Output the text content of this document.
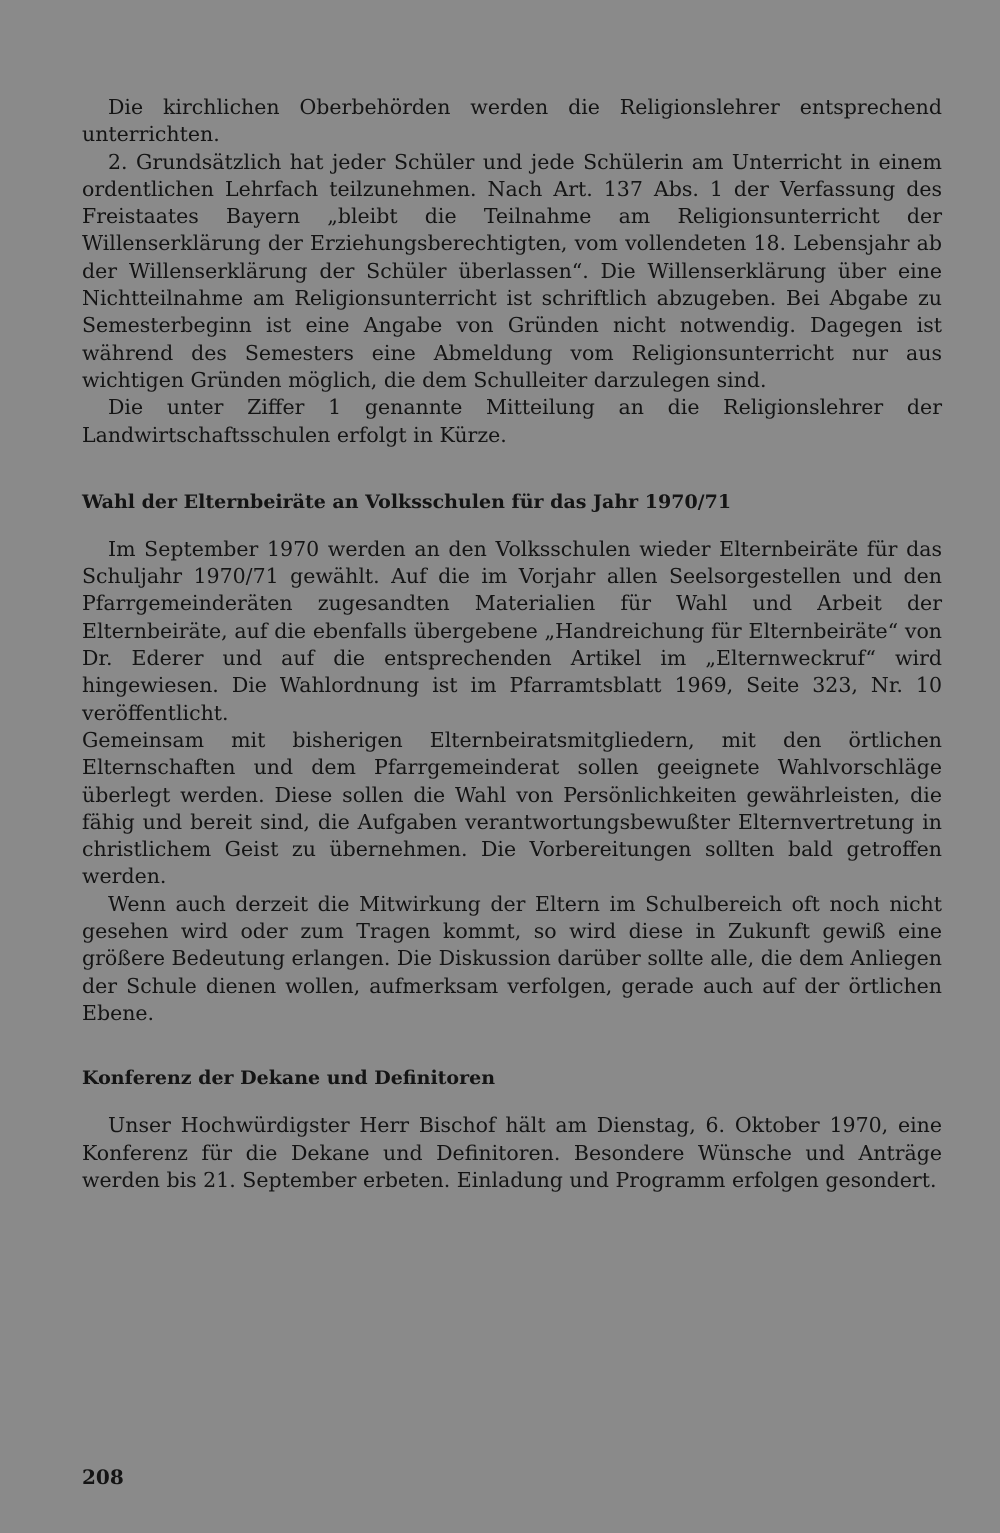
Die kirchlichen Oberbehörden werden die Religionslehrer entsprechend unterrichten.

2. Grundsätzlich hat jeder Schüler und jede Schülerin am Unterricht in einem ordentlichen Lehrfach teilzunehmen. Nach Art. 137 Abs. 1 der Verfassung des Freistaates Bayern „bleibt die Teilnahme am Religionsunterricht der Willenserklärung der Erziehungsberechtigten, vom vollendeten 18. Lebensjahr ab der Willenserklärung der Schüler überlassen“. Die Willenserklärung über eine Nichtteilnahme am Religionsunterricht ist schriftlich abzugeben. Bei Abgabe zu Semesterbeginn ist eine Angabe von Gründen nicht notwendig. Dagegen ist während des Semesters eine Abmeldung vom Religionsunterricht nur aus wichtigen Gründen möglich, die dem Schulleiter darzulegen sind.

Die unter Ziffer 1 genannte Mitteilung an die Religionslehrer der Landwirtschaftsschulen erfolgt in Kürze.

Wahl der Elternbeiräte an Volksschulen für das Jahr 1970/71

Im September 1970 werden an den Volksschulen wieder Elternbeiräte für das Schuljahr 1970/71 gewählt. Auf die im Vorjahr allen Seelsorgestellen und den Pfarrgemeinderäten zugesandten Materialien für Wahl und Arbeit der Elternbeiräte, auf die ebenfalls übergebene „Handreichung für Elternbeiräte“ von Dr. Ederer und auf die entsprechenden Artikel im „Elternweckruf“ wird hingewiesen. Die Wahlordnung ist im Pfarramtsblatt 1969, Seite 323, Nr. 10 veröffentlicht.

Gemeinsam mit bisherigen Elternbeiratsmitgliedern, mit den örtlichen Elternschaften und dem Pfarrgemeinderat sollen geeignete Wahlvorschläge überlegt werden. Diese sollen die Wahl von Persönlichkeiten gewährleisten, die fähig und bereit sind, die Aufgaben verantwortungsbewußter Elternvertretung in christlichem Geist zu übernehmen. Die Vorbereitungen sollten bald getroffen werden.

Wenn auch derzeit die Mitwirkung der Eltern im Schulbereich oft noch nicht gesehen wird oder zum Tragen kommt, so wird diese in Zukunft gewiß eine größere Bedeutung erlangen. Die Diskussion darüber sollte alle, die dem Anliegen der Schule dienen wollen, aufmerksam verfolgen, gerade auch auf der örtlichen Ebene.

Konferenz der Dekane und Definitoren

Unser Hochwürdigster Herr Bischof hält am Dienstag, 6. Oktober 1970, eine Konferenz für die Dekane und Definitoren. Besondere Wünsche und Anträge werden bis 21. September erbeten. Einladung und Programm erfolgen gesondert.

208
